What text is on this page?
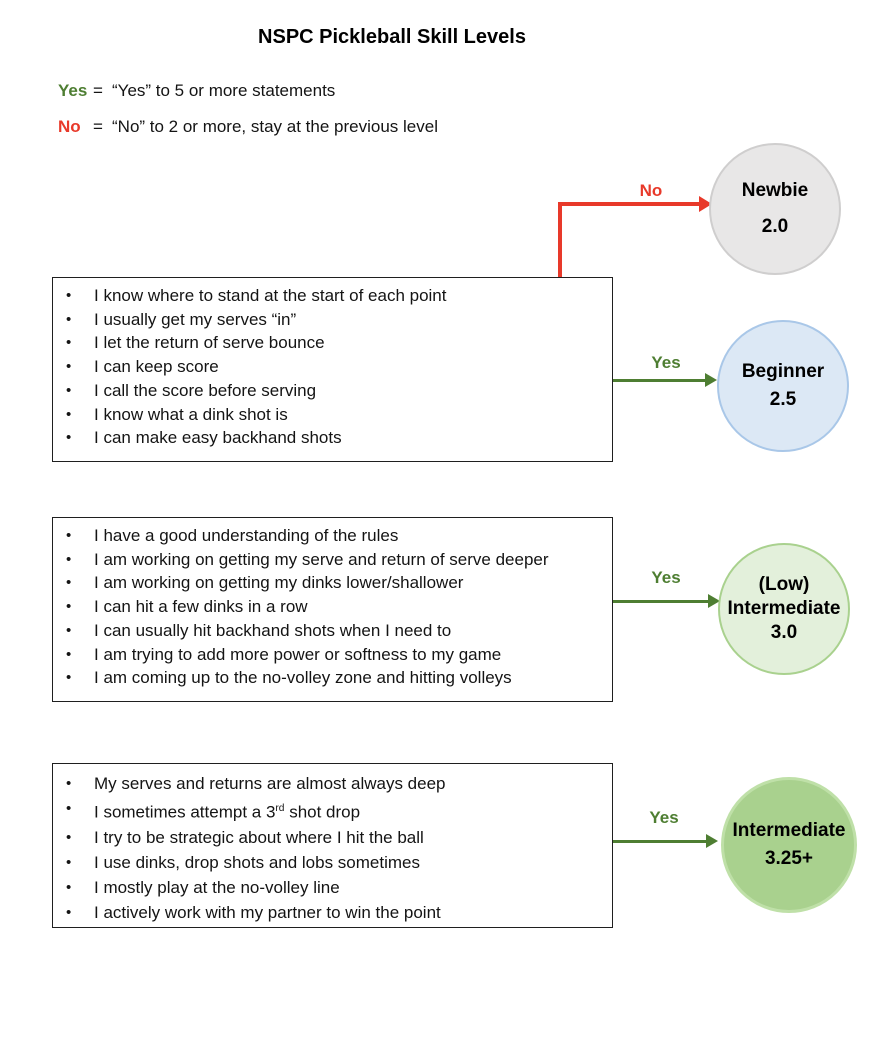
NSPC Pickleball Skill Levels
Yes = “Yes” to 5 or more statements
No = “No” to 2 or more, stay at the previous level
No
• I know where to stand at the start of each point
• I usually get my serves “in”
• I let the return of serve bounce
• I can keep score
• I call the score before serving
• I know what a dink shot is
• I can make easy backhand shots
• I have a good understanding of the rules
• I am working on getting my serve and return of serve deeper
• I am working on getting my dinks lower/shallower
• I can hit a few dinks in a row
• I can usually hit backhand shots when I need to
• I am trying to add more power or softness to my game
• I am coming up to the no-volley zone and hitting volleys
• My serves and returns are almost always deep
• I sometimes attempt a 3rd shot drop
• I try to be strategic about where I hit the ball
• I use dinks, drop shots and lobs sometimes
• I mostly play at the no-volley line
• I actively work with my partner to win the point
Yes
Yes
Yes
Newbie
2.0
Beginner
2.5
(Low)
Intermediate
3.0
Intermediate
3.25+
